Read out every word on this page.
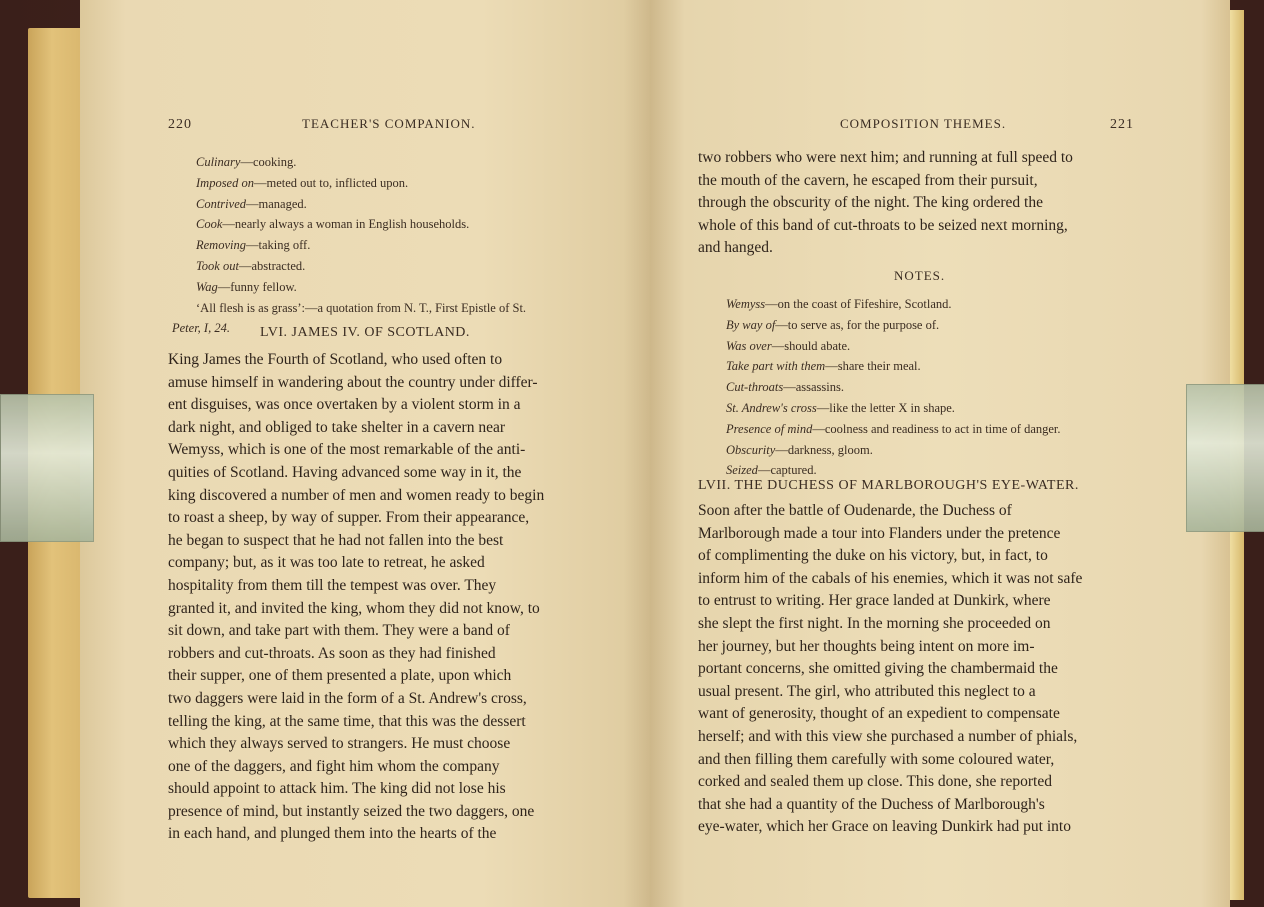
220	TEACHER'S COMPANION.
Culinary—cooking.
Imposed on—meted out to, inflicted upon.
Contrived—managed.
Cook—nearly always a woman in English households.
Removing—taking off.
Took out—abstracted.
Wag—funny fellow.
‘All flesh is as grass’:—a quotation from N. T., First Epistle of St.
Peter, I, 24.	LVI. JAMES IV. OF SCOTLAND.
King James the Fourth of Scotland, who used often to
amuse himself in wandering about the country under differ-
ent disguises, was once overtaken by a violent storm in a
dark night, and obliged to take shelter in a cavern near
Wemyss, which is one of the most remarkable of the anti-
quities of Scotland. Having advanced some way in it, the
king discovered a number of men and women ready to begin
to roast a sheep, by way of supper. From their appearance,
he began to suspect that he had not fallen into the best
company; but, as it was too late to retreat, he asked
hospitality from them till the tempest was over. They
granted it, and invited the king, whom they did not know, to
sit down, and take part with them. They were a band of
robbers and cut-throats. As soon as they had finished
their supper, one of them presented a plate, upon which
two daggers were laid in the form of a St. Andrew's cross,
telling the king, at the same time, that this was the dessert
which they always served to strangers. He must choose
one of the daggers, and fight him whom the company
should appoint to attack him. The king did not lose his
presence of mind, but instantly seized the two daggers, one
in each hand, and plunged them into the hearts of the
COMPOSITION THEMES.	221
two robbers who were next him; and running at full speed to
the mouth of the cavern, he escaped from their pursuit,
through the obscurity of the night. The king ordered the
whole of this band of cut-throats to be seized next morning,
and hanged.
NOTES.
Wemyss—on the coast of Fifeshire, Scotland.
By way of—to serve as, for the purpose of.
Was over—should abate.
Take part with them—share their meal.
Cut-throats—assassins.
St. Andrew's cross—like the letter X in shape.
Presence of mind—coolness and readiness to act in time of danger.
Obscurity—darkness, gloom.
Seized—captured.
LVII. THE DUCHESS OF MARLBOROUGH'S EYE-WATER.
Soon after the battle of Oudenarde, the Duchess of
Marlborough made a tour into Flanders under the pretence
of complimenting the duke on his victory, but, in fact, to
inform him of the cabals of his enemies, which it was not safe
to entrust to writing. Her grace landed at Dunkirk, where
she slept the first night. In the morning she proceeded on
her journey, but her thoughts being intent on more im-
portant concerns, she omitted giving the chambermaid the
usual present. The girl, who attributed this neglect to a
want of generosity, thought of an expedient to compensate
herself; and with this view she purchased a number of phials,
and then filling them carefully with some coloured water,
corked and sealed them up close. This done, she reported
that she had a quantity of the Duchess of Marlborough's
eye-water, which her Grace on leaving Dunkirk had put into
